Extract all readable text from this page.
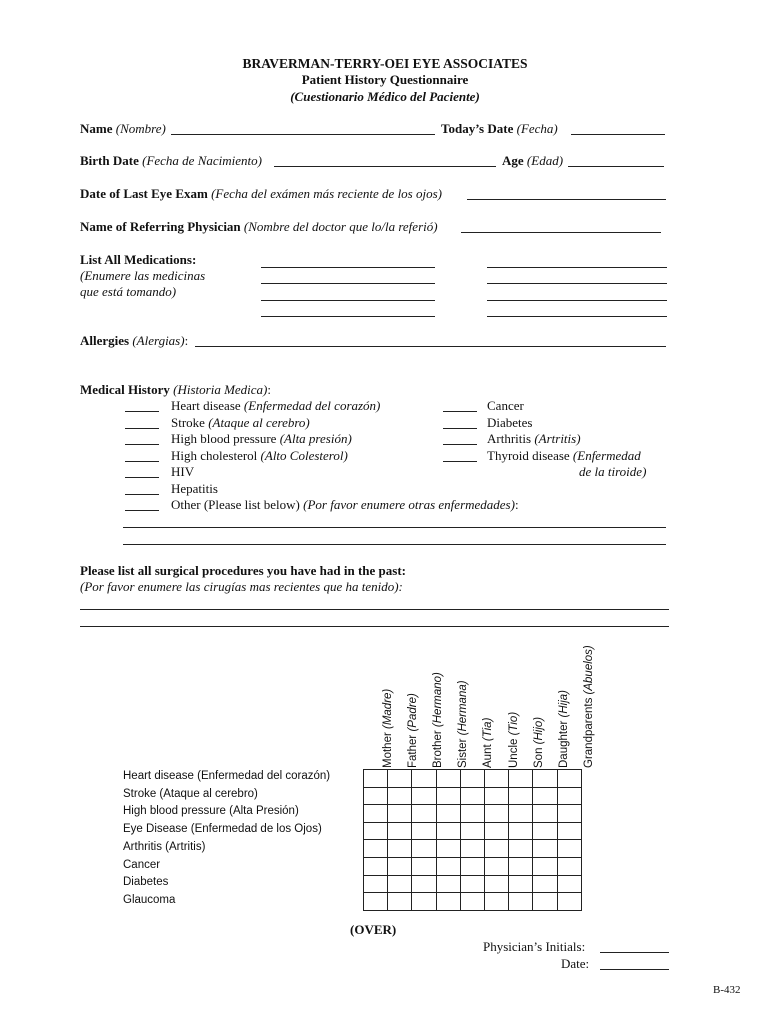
BRAVERMAN-TERRY-OEI EYE ASSOCIATES
Patient History Questionnaire
(Cuestionario Médico del Paciente)
Name (Nombre)	Today’s Date (Fecha)
Birth Date (Fecha de Nacimiento)	Age (Edad)
Date of Last Eye Exam (Fecha del exámen más reciente de los ojos)
Name of Referring Physician (Nombre del doctor que lo/la referió)
List All Medications:
(Enumere las medicinas
que está tomando)
Allergies (Alergias):
Medical History (Historia Medica):
Heart disease (Enfermedad del corazón)
Stroke (Ataque al cerebro)
High blood pressure (Alta presión)
High cholesterol (Alto Colesterol)
HIV
Hepatitis
Other (Please list below) (Por favor enumere otras enfermedades):
Cancer
Diabetes
Arthritis (Artritis)
Thyroid disease (Enfermedad
de la tiroide)
Please list all surgical procedures you have had in the past:
(Por favor enumere las cirugías mas recientes que ha tenido):
Mother (Madre)
Father (Padre)
Brother (Hermano)
Sister (Hermana)
Aunt (Tia)
Uncle (Tio)
Son (Hijo) Daughter (Hija) Grandparents (Abuelos)
Heart disease (Enfermedad del corazón)
Stroke (Ataque al cerebro)
High blood pressure (Alta Presión)
Eye Disease (Enfermedad de los Ojos)
Arthritis (Artritis)
Cancer
Diabetes
Glaucoma

(OVER)
Physician’s Initials:
Date:
B-432
